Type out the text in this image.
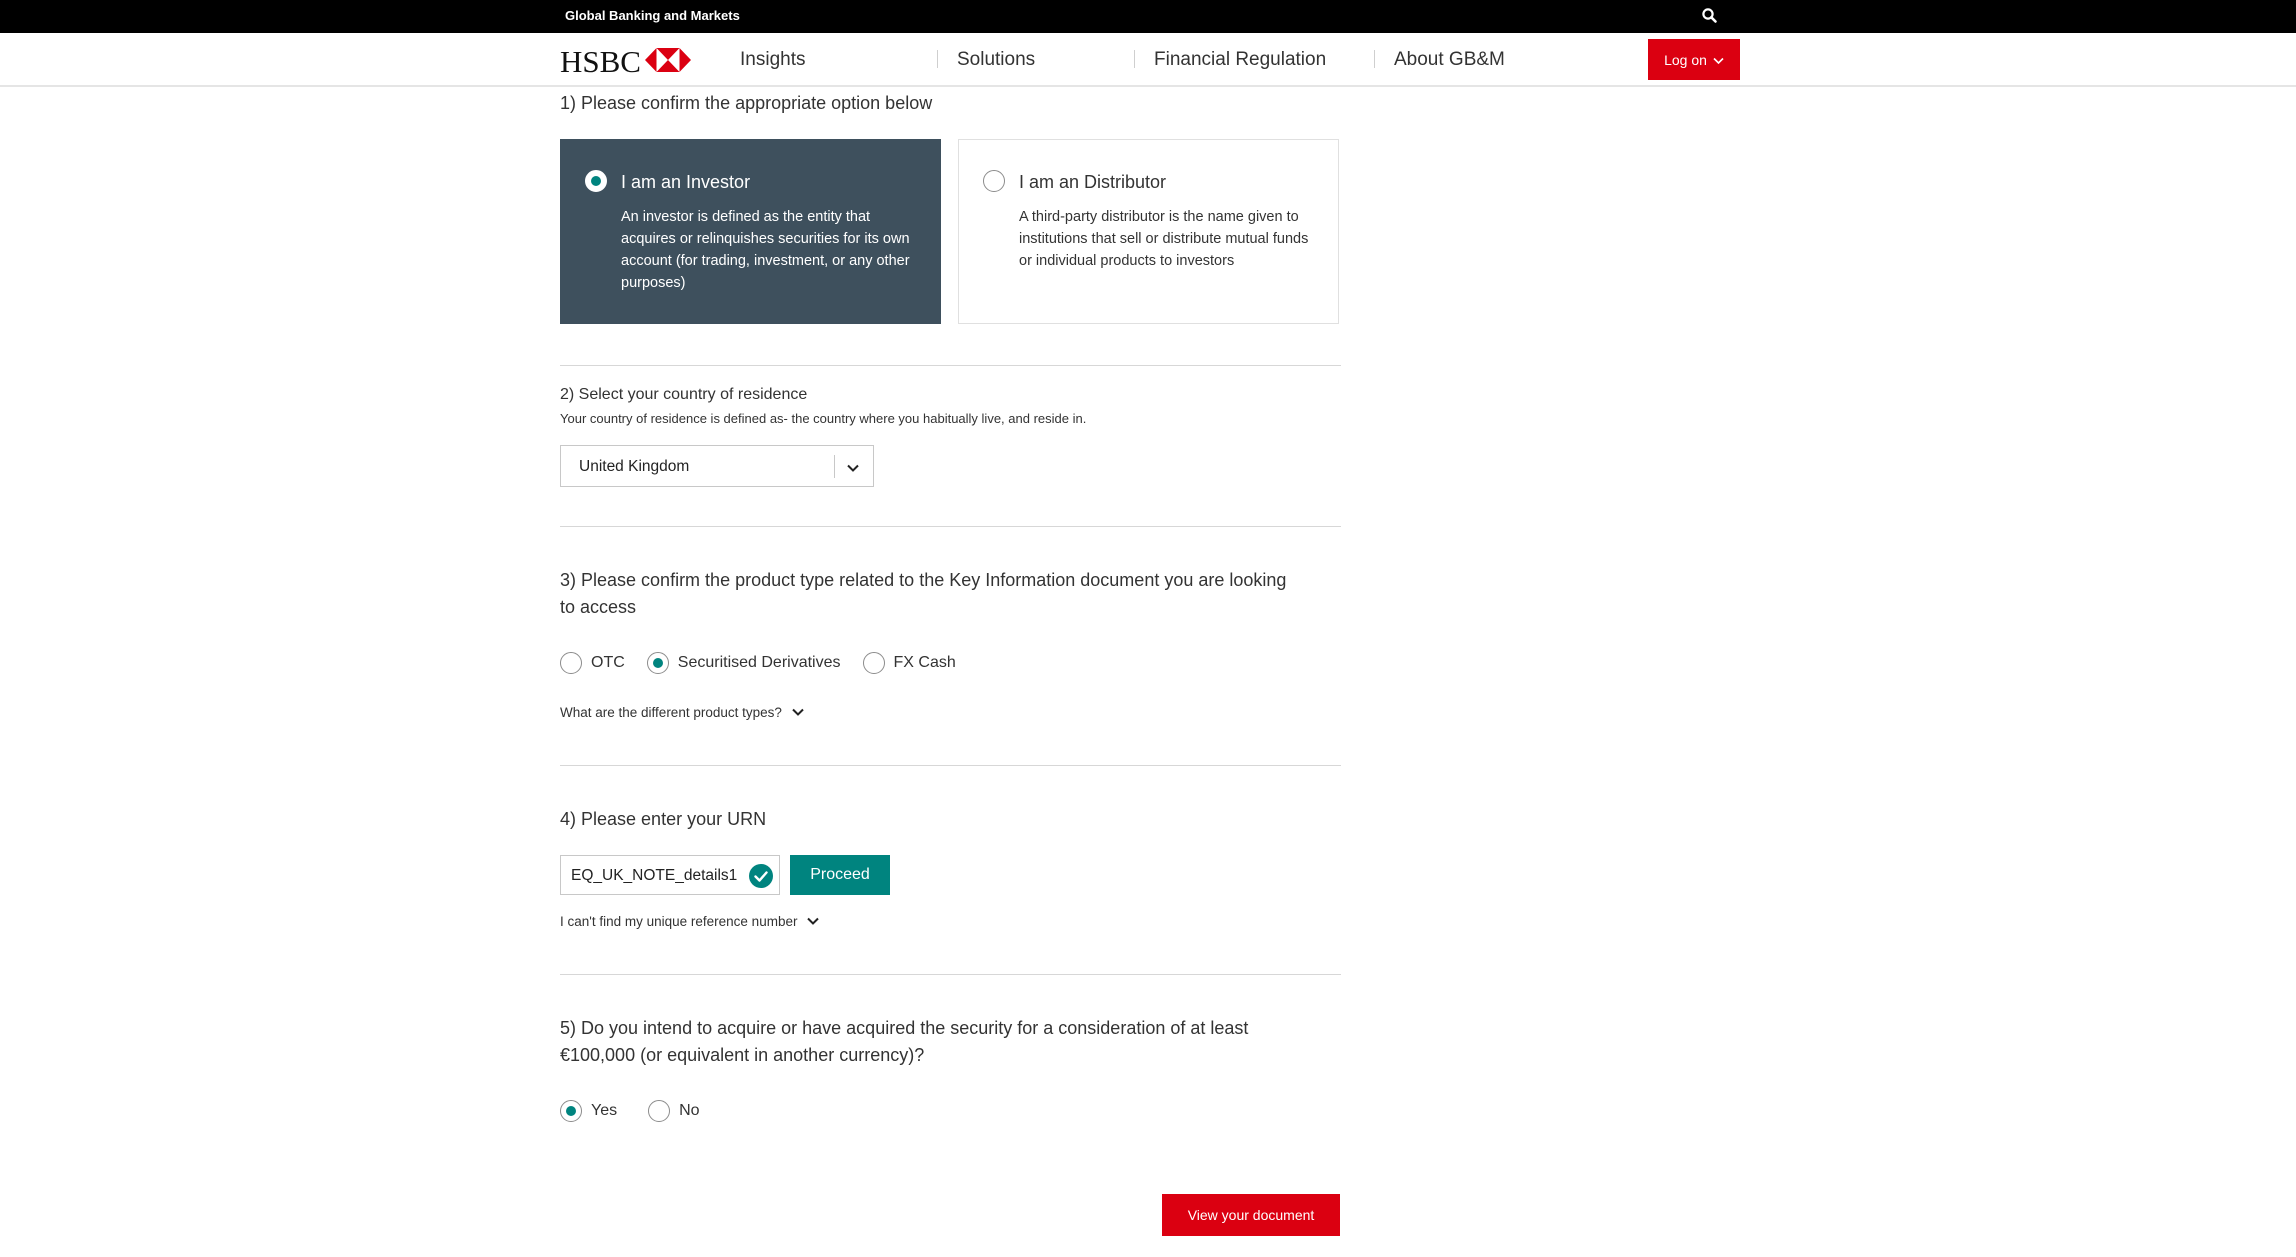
Global Banking and Markets
HSBC	Insights	Solutions	Financial Regulation	About GB&M	Log on
1) Please confirm the appropriate option below
I am an Investor
An investor is defined as the entity that acquires or relinquishes securities for its own account (for trading, investment, or any other purposes)
I am an Distributor
A third-party distributor is the name given to institutions that sell or distribute mutual funds or individual products to investors
2) Select your country of residence
Your country of residence is defined as- the country where you habitually live, and reside in.
United Kingdom
3) Please confirm the product type related to the Key Information document you are looking
to access
OTC	Securitised Derivatives	FX Cash
What are the different product types?
4) Please enter your URN
EQ_UK_NOTE_details1	Proceed
I can't find my unique reference number
5) Do you intend to acquire or have acquired the security for a consideration of at least
€100,000 (or equivalent in another currency)?
Yes	No
View your document
